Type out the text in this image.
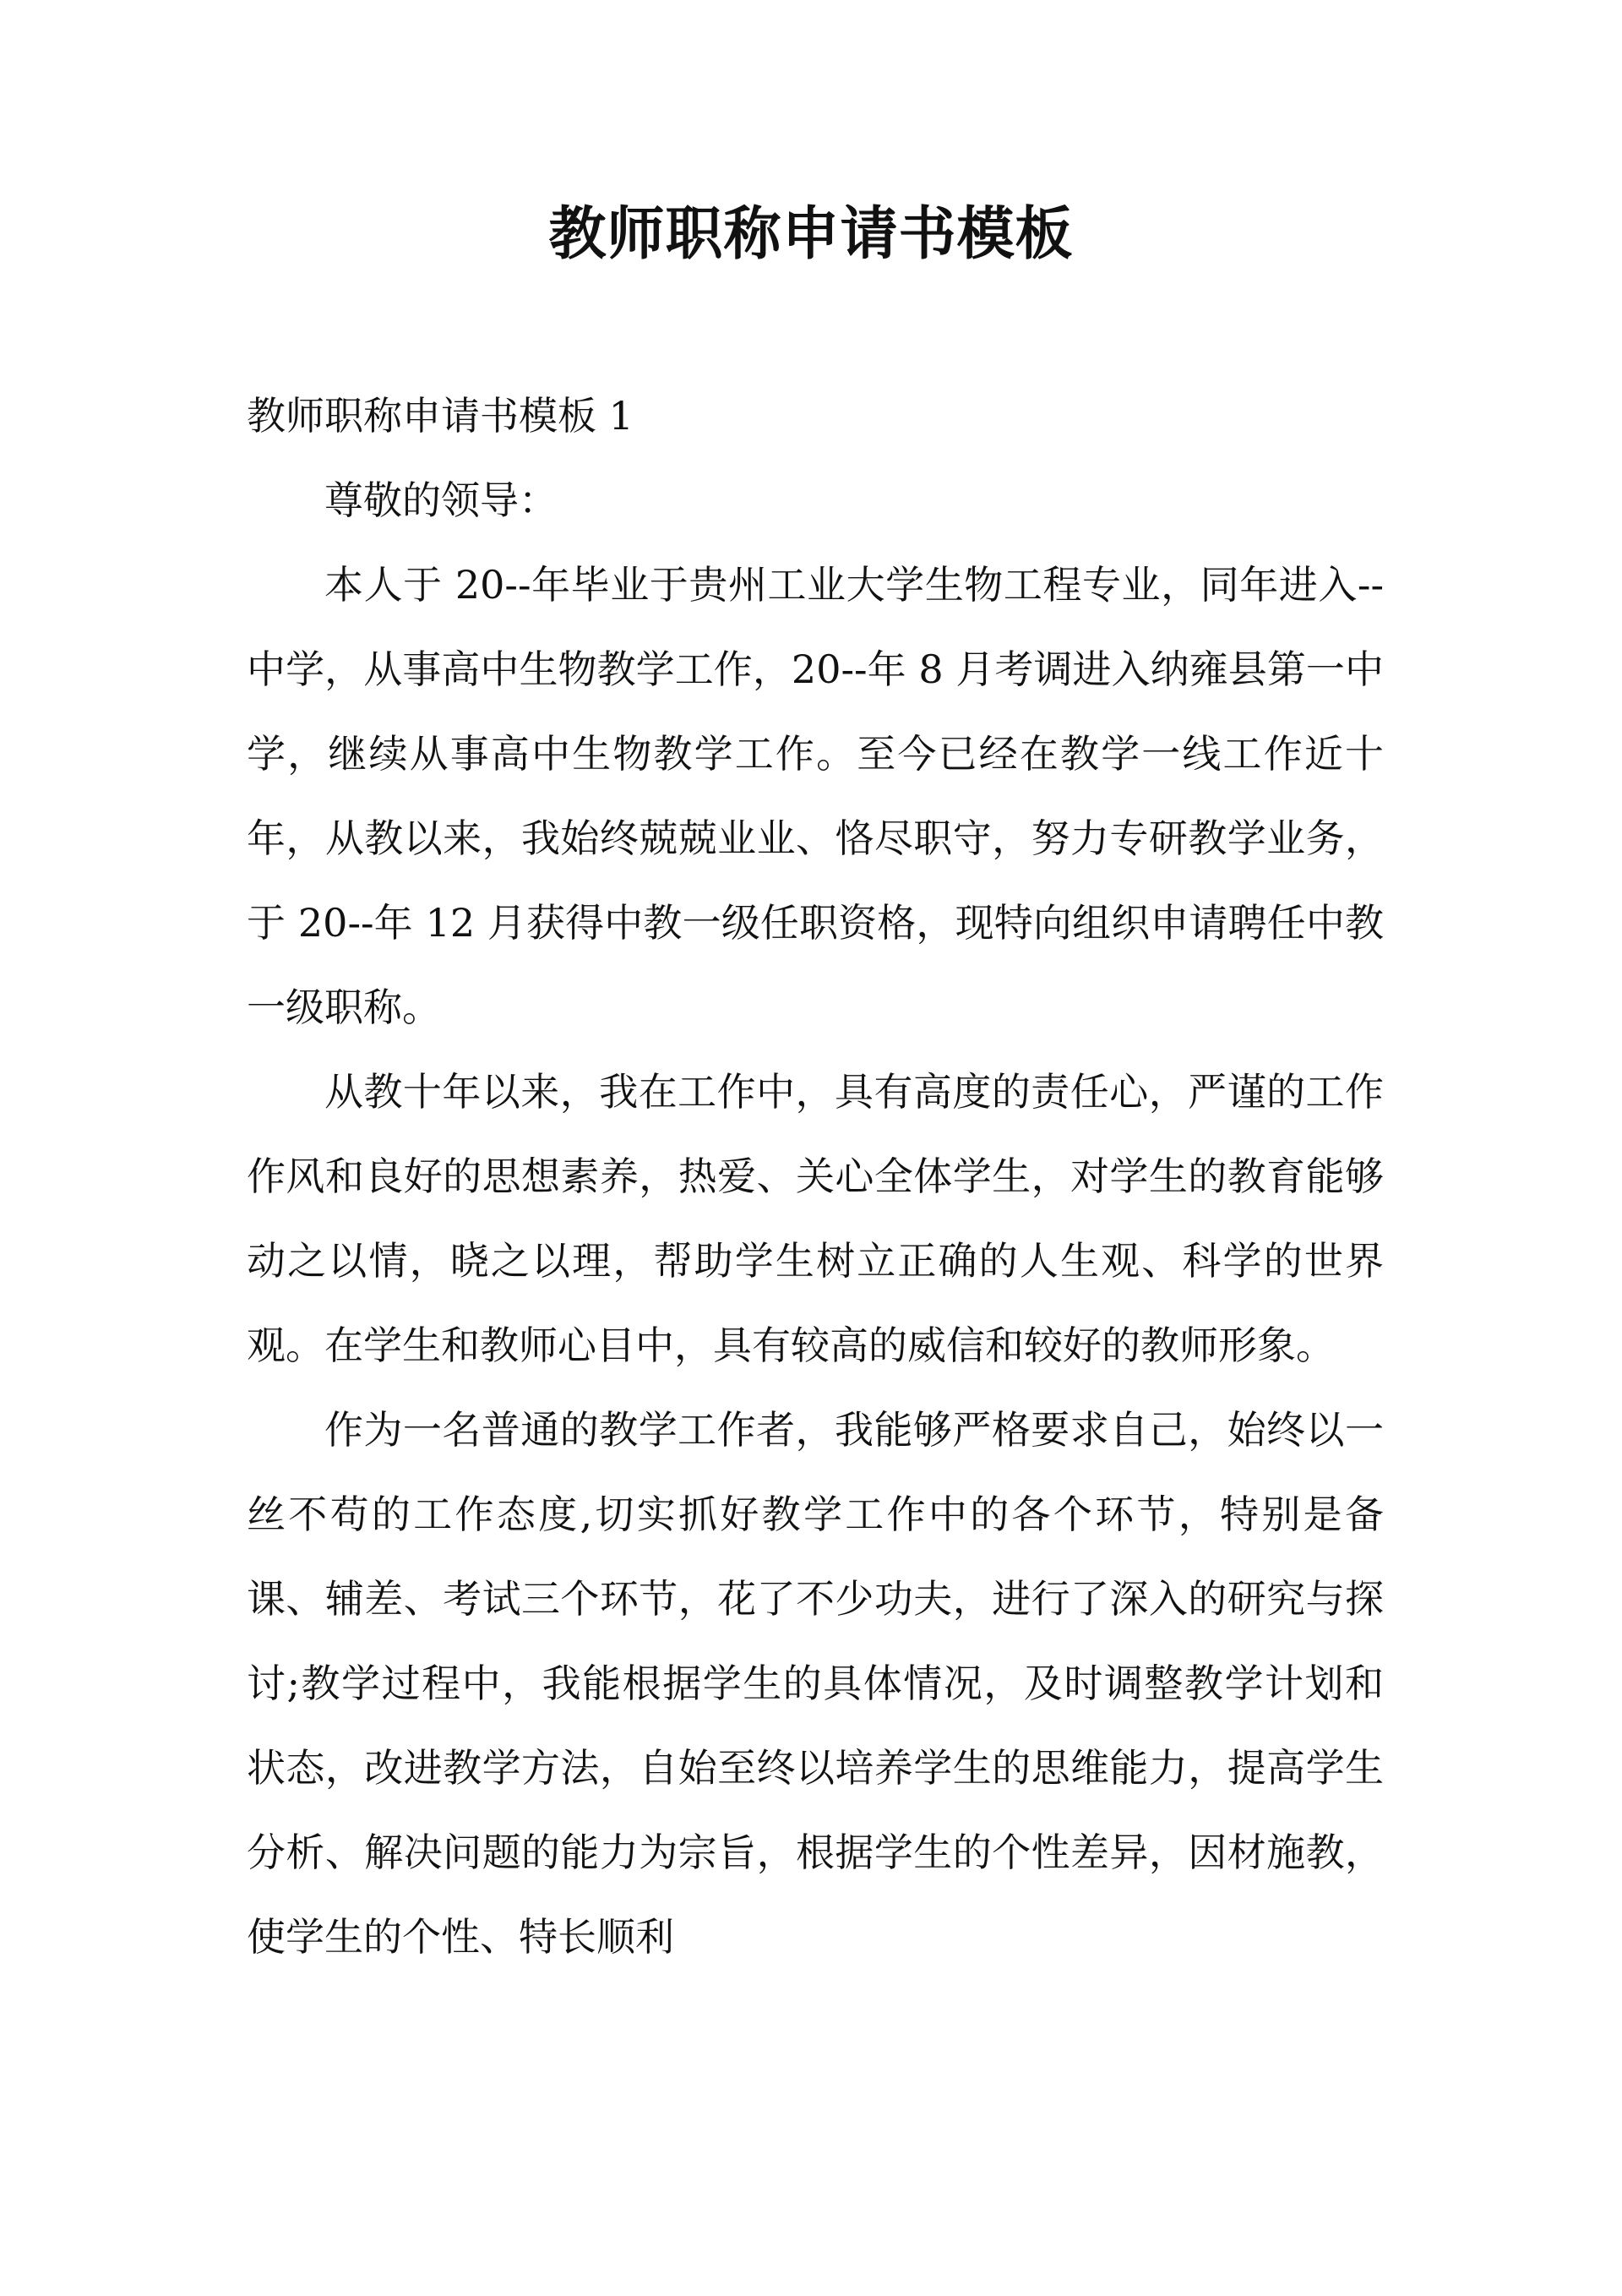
教师职称申请书模板

教师职称申请书模板 1

尊敬的领导：

本人于 20--年毕业于贵州工业大学生物工程专业，同年进入--中学，从事高中生物教学工作，20--年 8 月考调进入纳雍县第一中学，继续从事高中生物教学工作。至今已经在教学一线工作近十年，从教以来，我始终兢兢业业、恪尽职守，努力专研教学业务，于 20--年 12 月获得中教一级任职资格，现特向组织申请聘任中教一级职称。

从教十年以来，我在工作中，具有高度的责任心，严谨的工作作风和良好的思想素养，热爱、关心全体学生，对学生的教育能够动之以情，晓之以理，帮助学生树立正确的人生观、科学的世界观。在学生和教师心目中，具有较高的威信和较好的教师形象。

作为一名普通的教学工作者，我能够严格要求自己，始终以一丝不苟的工作态度,切实抓好教学工作中的各个环节，特别是备课、辅差、考试三个环节，花了不少功夫，进行了深入的研究与探讨;教学过程中，我能根据学生的具体情况，及时调整教学计划和状态，改进教学方法，自始至终以培养学生的思维能力，提高学生分析、解决问题的能力为宗旨，根据学生的个性差异，因材施教，使学生的个性、特长顺利
